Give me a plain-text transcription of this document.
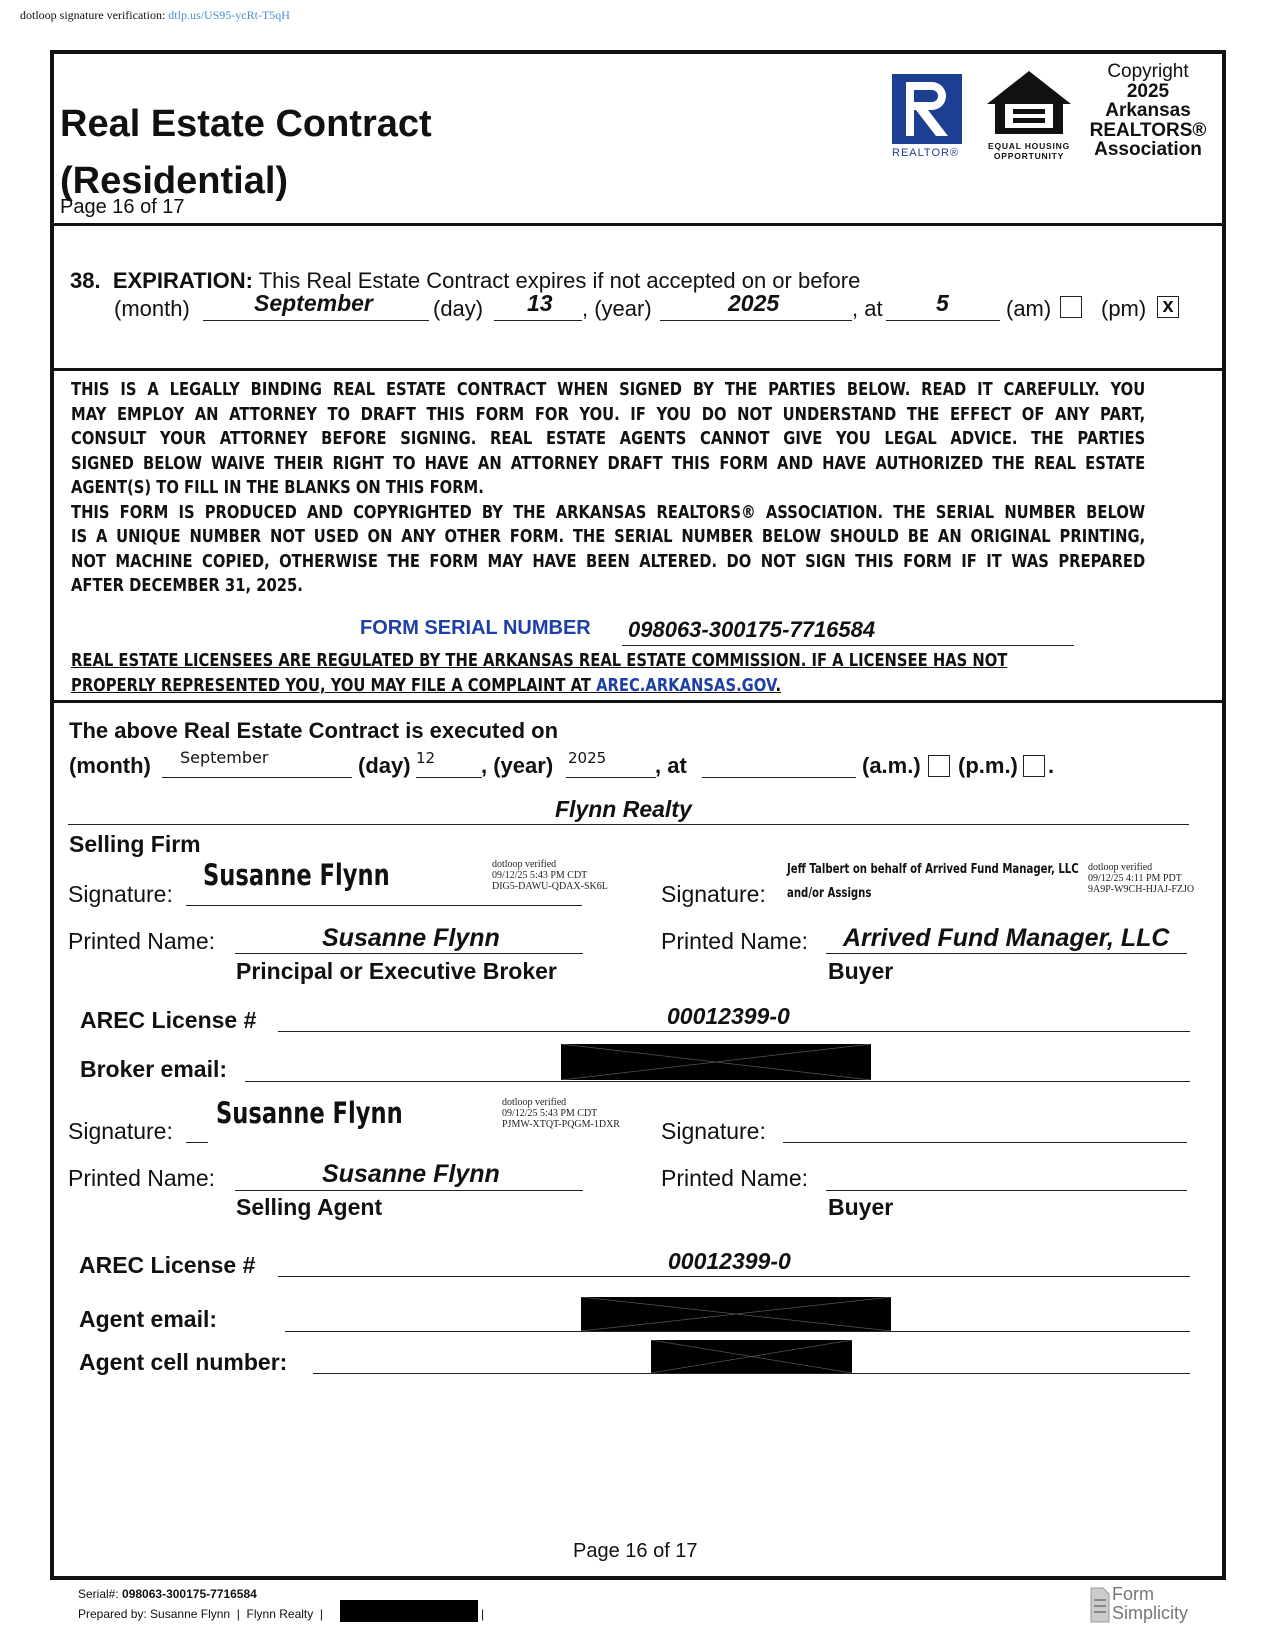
dotloop signature verification: dtlp.us/US95-ycRt-T5qH
Real Estate Contract
(Residential)
Page 16 of 17
REALTOR®
EQUAL HOUSING
OPPORTUNITY
Copyright
2025
Arkansas
REALTORS®
Association
38. EXPIRATION: This Real Estate Contract expires if not accepted on or before
(month)	September	(day) 13 , (year)	2025	, at 5	(am) (pm) x
THIS IS A LEGALLY BINDING REAL ESTATE CONTRACT WHEN SIGNED BY THE PARTIES BELOW. READ IT CAREFULLY. YOU
MAY EMPLOY AN ATTORNEY TO DRAFT THIS FORM FOR YOU. IF YOU DO NOT UNDERSTAND THE EFFECT OF ANY PART,
CONSULT YOUR ATTORNEY BEFORE SIGNING. REAL ESTATE AGENTS CANNOT GIVE YOU LEGAL ADVICE. THE PARTIES
SIGNED BELOW WAIVE THEIR RIGHT TO HAVE AN ATTORNEY DRAFT THIS FORM AND HAVE AUTHORIZED THE REAL ESTATE
AGENT(S) TO FILL IN THE BLANKS ON THIS FORM.
THIS FORM IS PRODUCED AND COPYRIGHTED BY THE ARKANSAS REALTORS® ASSOCIATION. THE SERIAL NUMBER BELOW
IS A UNIQUE NUMBER NOT USED ON ANY OTHER FORM. THE SERIAL NUMBER BELOW SHOULD BE AN ORIGINAL PRINTING,
NOT MACHINE COPIED, OTHERWISE THE FORM MAY HAVE BEEN ALTERED. DO NOT SIGN THIS FORM IF IT WAS PREPARED
AFTER DECEMBER 31, 2025.
FORM SERIAL NUMBER 098063-300175-7716584
REAL ESTATE LICENSEES ARE REGULATED BY THE ARKANSAS REAL ESTATE COMMISSION. IF A LICENSEE HAS NOT
PROPERLY REPRESENTED YOU, YOU MAY FILE A COMPLAINT AT AREC.ARKANSAS.GOV.
The above Real Estate Contract is executed on
(month) September	(day) 12 , (year) 2025 , at	(a.m.) (p.m.) .
Flynn Realty
Selling Firm
Signature:
Susanne Flynn	dotloop verified
09/12/25 5:43 PM CDT
DIG5-DAWU-QDAX-SK6L Signature:
Jeff Talbert on behalf of Arrived Fund Manager, LLC
and/or Assigns
dotloop verified
09/12/25 4:11 PM PDT
9A9P-W9CH-HJAJ-FZJO
Printed Name:	Susanne Flynn
Principal or Executive Broker
Printed Name: Arrived Fund Manager, LLC
Buyer
AREC License #	00012399-0
Broker email:
Signature:
Susanne Flynn	dotloop verified
09/12/25 5:43 PM CDT
PJMW-XTQT-PQGM-1DXR Signature:
Printed Name:	Susanne Flynn
Selling Agent
Printed Name:
Buyer
AREC License #	00012399-0
Agent email:
Agent cell number:
Page 16 of 17
Serial#: 098063-300175-7716584
Prepared by: Susanne Flynn  |  Flynn Realty  |	|
Form
Simplicity
